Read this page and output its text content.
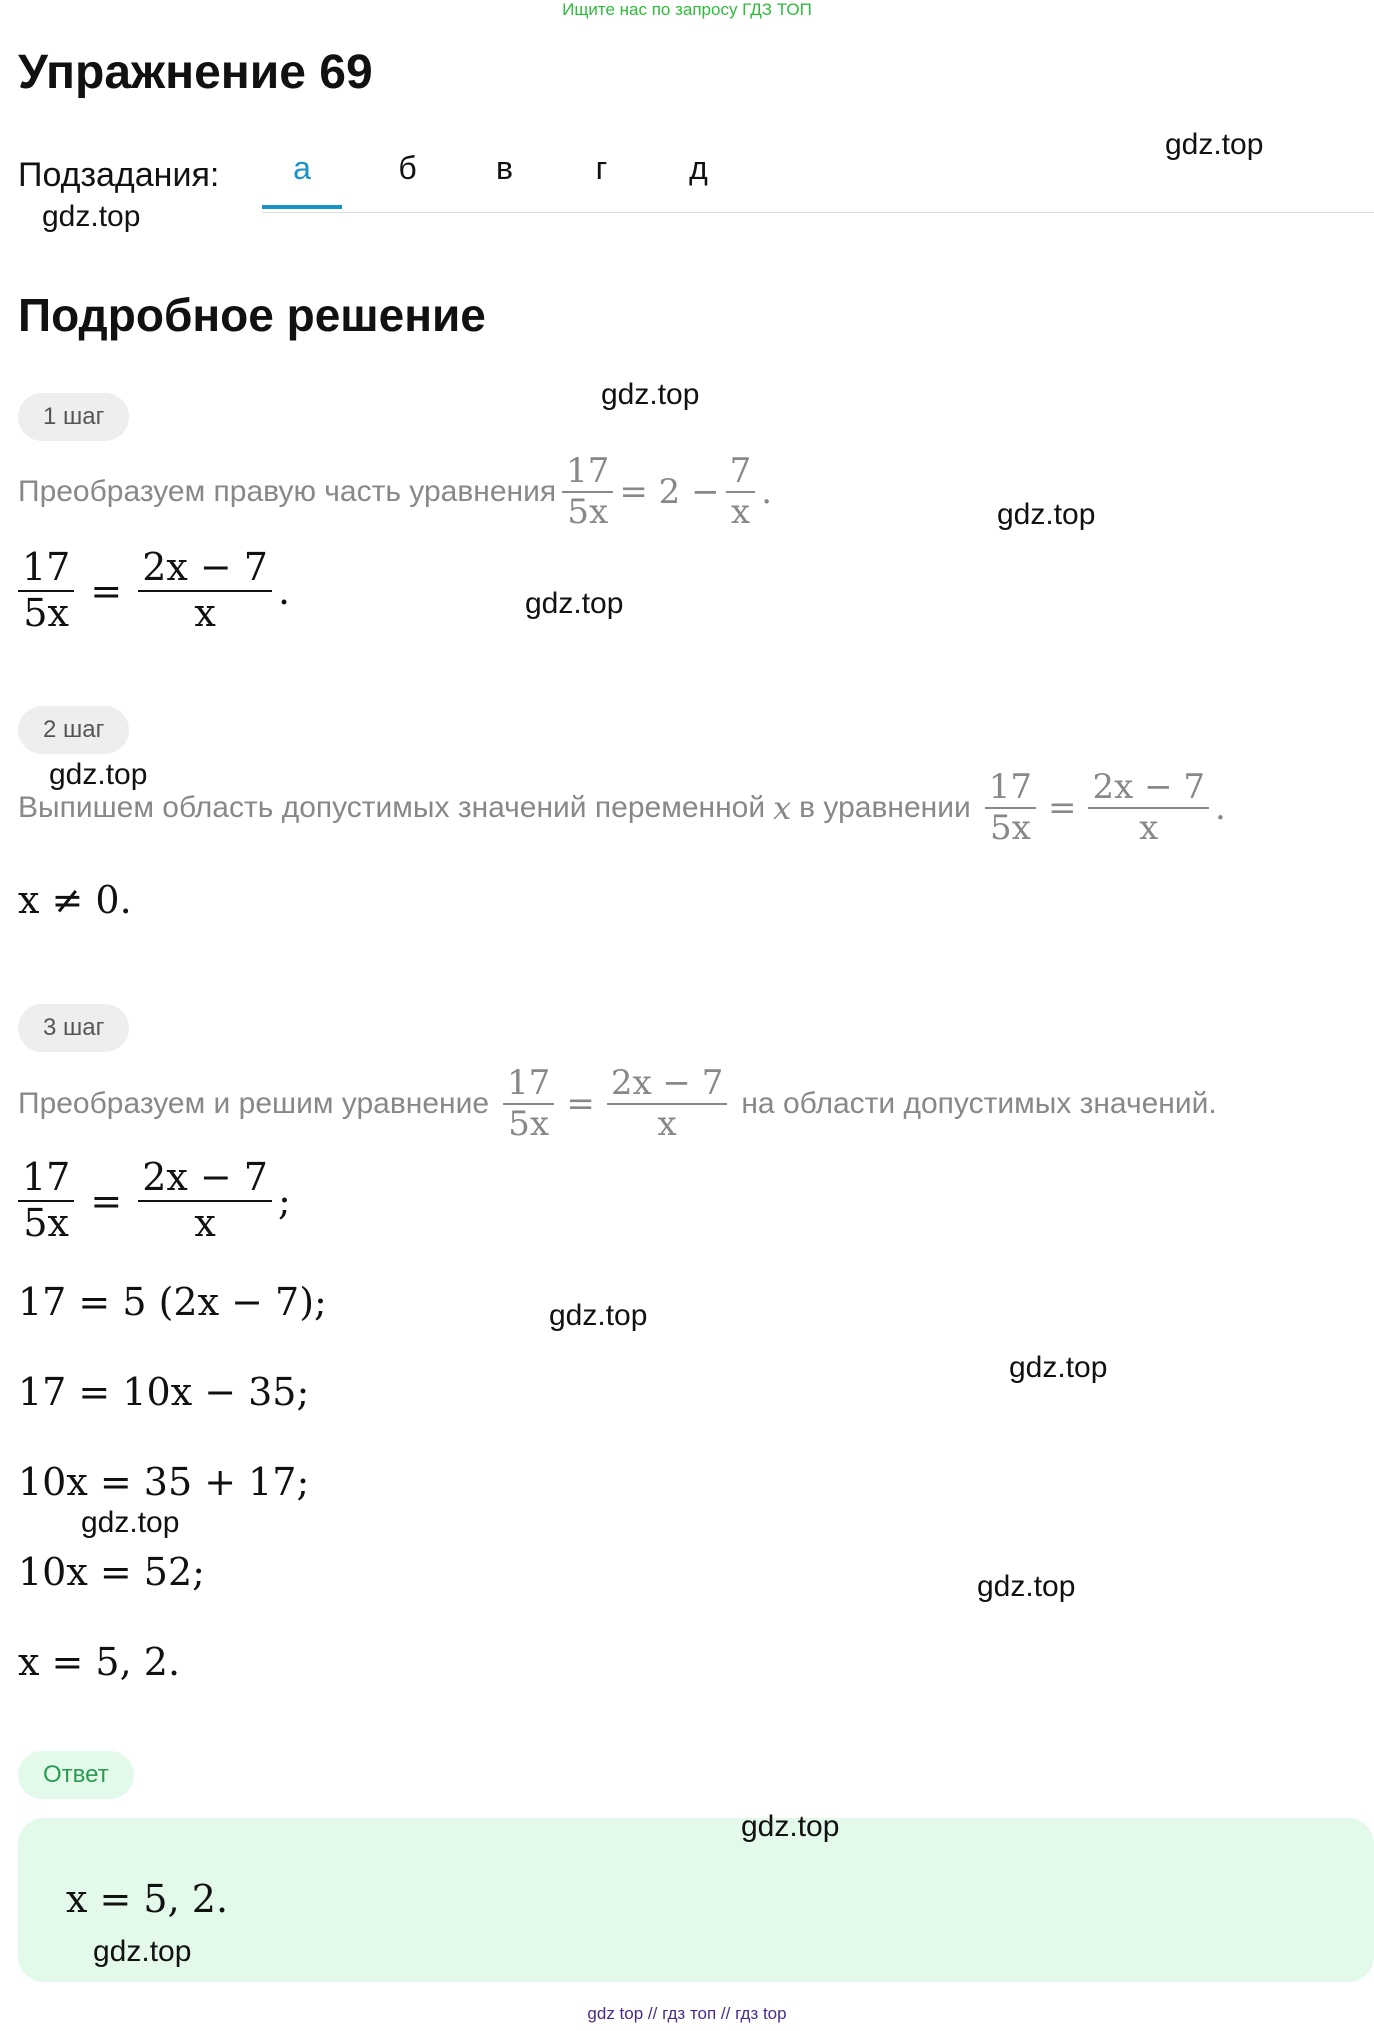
Ищите нас по запросу ГДЗ ТОП
Упражнение 69
Подзадания:	а	б	в	г	д
Подробное решение
1 шаг
Преобразуем правую часть уравнения $\frac{17}{5x} = 2 - \frac{7}{x}$ .
$\frac{17}{5x} = \frac{2x - 7}{x}$ .
2 шаг
Выпишем область допустимых значений переменной x в уравнении $\frac{17}{5x} = \frac{2x - 7}{x}$ .
x ≠ 0.
3 шаг
Преобразуем и решим уравнение $\frac{17}{5x} = \frac{2x - 7}{x}$ на области допустимых значений.
$\frac{17}{5x} = \frac{2x - 7}{x}$ ;
17 = 5 (2x − 7);
17 = 10x − 35;
10x = 35 + 17;
10x = 52;
x = 5, 2.
Ответ
x = 5, 2.
gdz.top
gdz.top
gdz.top
gdz.top
gdz.top
gdz.top
gdz.top
gdz.top
gdz.top
gdz.top
gdz.top
gdz.top
gdz top // гдз топ // гдз top
